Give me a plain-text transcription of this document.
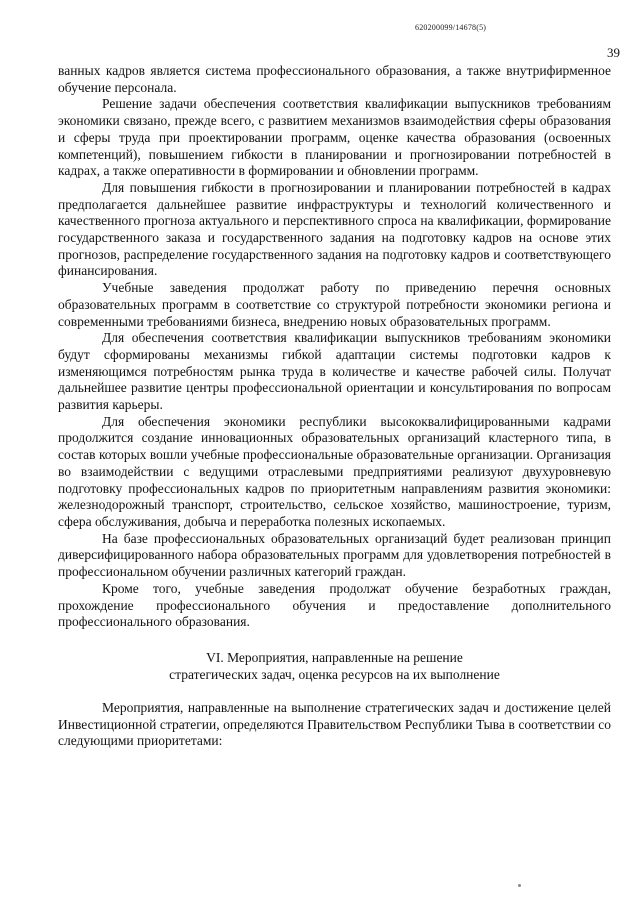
620200099/14678(5)
39

ванных кадров является система профессионального образования, а также внутрифирменное обучение персонала.

Решение задачи обеспечения соответствия квалификации выпускников требованиям экономики связано, прежде всего, с развитием механизмов взаимодействия сферы образования и сферы труда при проектировании программ, оценке качества образования (освоенных компетенций), повышением гибкости в планировании и прогнозировании потребностей в кадрах, а также оперативности в формировании и обновлении программ.

Для повышения гибкости в прогнозировании и планировании потребностей в кадрах предполагается дальнейшее развитие инфраструктуры и технологий количественного и качественного прогноза актуального и перспективного спроса на квалификации, формирование государственного заказа и государственного задания на подготовку кадров на основе этих прогнозов, распределение государственного задания на подготовку кадров и соответствующего финансирования.

Учебные заведения продолжат работу по приведению перечня основных образовательных программ в соответствие со структурой потребности экономики региона и современными требованиями бизнеса, внедрению новых образовательных программ.

Для обеспечения соответствия квалификации выпускников требованиям экономики будут сформированы механизмы гибкой адаптации системы подготовки кадров к изменяющимся потребностям рынка труда в количестве и качестве рабочей силы. Получат дальнейшее развитие центры профессиональной ориентации и консультирования по вопросам развития карьеры.

Для обеспечения экономики республики высококвалифицированными кадрами продолжится создание инновационных образовательных организаций кластерного типа, в состав которых вошли учебные профессиональные образовательные организации. Организация во взаимодействии с ведущими отраслевыми предприятиями реализуют двухуровневую подготовку профессиональных кадров по приоритетным направлениям развития экономики: железнодорожный транспорт, строительство, сельское хозяйство, машиностроение, туризм, сфера обслуживания, добыча и переработка полезных ископаемых.

На базе профессиональных образовательных организаций будет реализован принцип диверсифицированного набора образовательных программ для удовлетворения потребностей в профессиональном обучении различных категорий граждан.

Кроме того, учебные заведения продолжат обучение безработных граждан, прохождение профессионального обучения и предоставление дополнительного профессионального образования.

VI. Мероприятия, направленные на решение
стратегических задач, оценка ресурсов на их выполнение

Мероприятия, направленные на выполнение стратегических задач и достижение целей Инвестиционной стратегии, определяются Правительством Республики Тыва в соответствии со следующими приоритетами:
